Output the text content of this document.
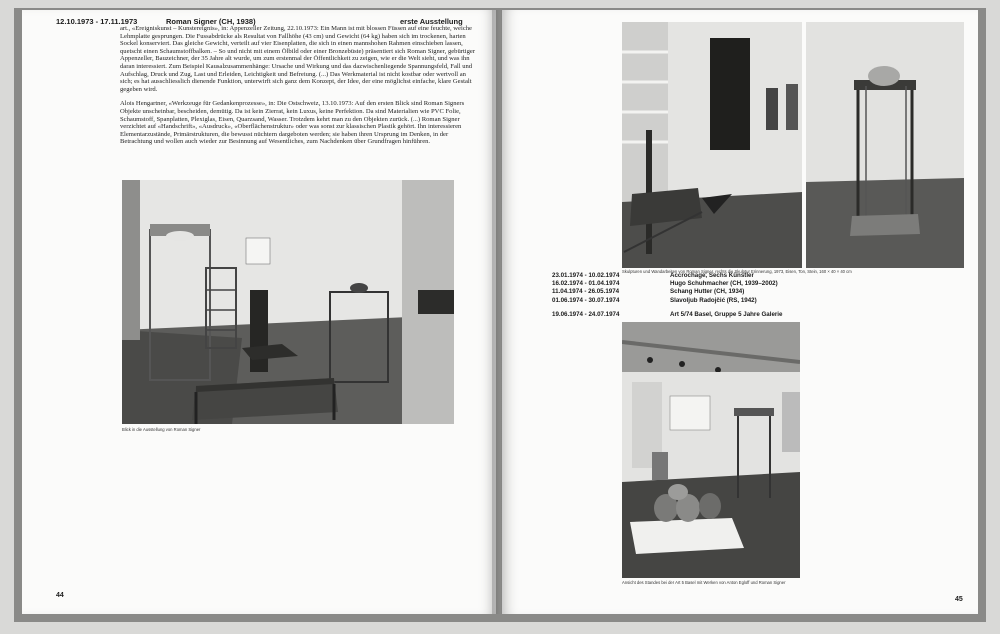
12.10.1973 - 17.11.1973	Roman Signer (CH, 1938)	erste Ausstellung

art., «Ereigniskunst – Kunstereignis», in: Appenzeller Zeitung, 22.10.1973: Ein Mann ist mit blossen Füssen auf eine feuchte, weiche Lehmplatte gesprungen. Die Fussabdrücke als Resultat von Fallhöhe (43 cm) und Gewicht (64 kg) haben sich im trockenen, harten Sockel konserviert. Das gleiche Gewicht, verteilt auf vier Eisenplatten, die sich in einen mannshohen Rahmen einschieben lassen, quetscht einen Schaumstoffbalken. – So und nicht mit einem Ölbild oder einer Bronzebüste) präsentiert sich Roman Signer, gebürtiger Appenzeller, Bauzeichner, der 35 Jahre alt wurde, um zum erstenmal der Öffentlichkeit zu zeigen, wie er die Welt sieht, und was ihn daran interessiert. Zum Beispiel Kausalzusammenhänge: Ursache und Wirkung und das dazwischenliegende Spannungsfeld, Fall und Aufschlag, Druck und Zug, Last und Erleiden, Leichtigkeit und Befreiung. (...) Das Werkmaterial ist nicht kostbar oder wertvoll an sich; es hat ausschliesslich dienende Funktion, unterwirft sich ganz dem Konzept, der Idee, der eine möglichst einfache, klare Gestalt gegeben wird.

Alois Hengartner, «Werkzeuge für Gedankenprozesse», in: Die Ostschweiz, 13.10.1973: Auf den ersten Blick sind Roman Signers Objekte unscheinbar, bescheiden, demütig. Da ist kein Zierrat, kein Luxus, keine Perfektion. Da sind Materialien wie PVC Folie, Schaumstoff, Spanplatten, Plexiglas, Eisen, Quarzsand, Wasser. Trotzdem kehrt man zu den Objekten zurück. (...) Roman Signer verzichtet auf «Handschrift», «Ausdruck», «Oberflächenstruktur» oder was sonst zur klassischen Plastik gehört. Ihn interessieren Elementarzustände, Primärstrukturen, die bewusst nüchtern dargeboten werden; sie haben ihren Ursprung im Denken, in der Betrachtung und wollen auch wieder zur Besinnung auf Wesentliches, zum Nachdenken über Grundfragen hinführen.

Blick in die Ausstellung von Roman Signer
44
Skulpturen und Wandarbeiten von Roman Signer, rechts die Skulptur Erinnerung, 1973, Eisen, Ton, Stein, 160 × 40 × 40 cm
23.01.1974 - 10.02.1974	Accrochage, Sechs Künstler
16.02.1974 - 01.04.1974	Hugo Schuhmacher (CH, 1939–2002)
11.04.1974 - 26.05.1974	Schang Hutter (CH, 1934)
01.06.1974 - 30.07.1974	Slavoljub Radojčić (RS, 1942)
19.06.1974 - 24.07.1974	Art 5/74 Basel, Gruppe 5 Jahre Galerie
Ansicht des Standes bei der Art 5 Basel mit Werken von Anton Egloff und Roman Signer
45
